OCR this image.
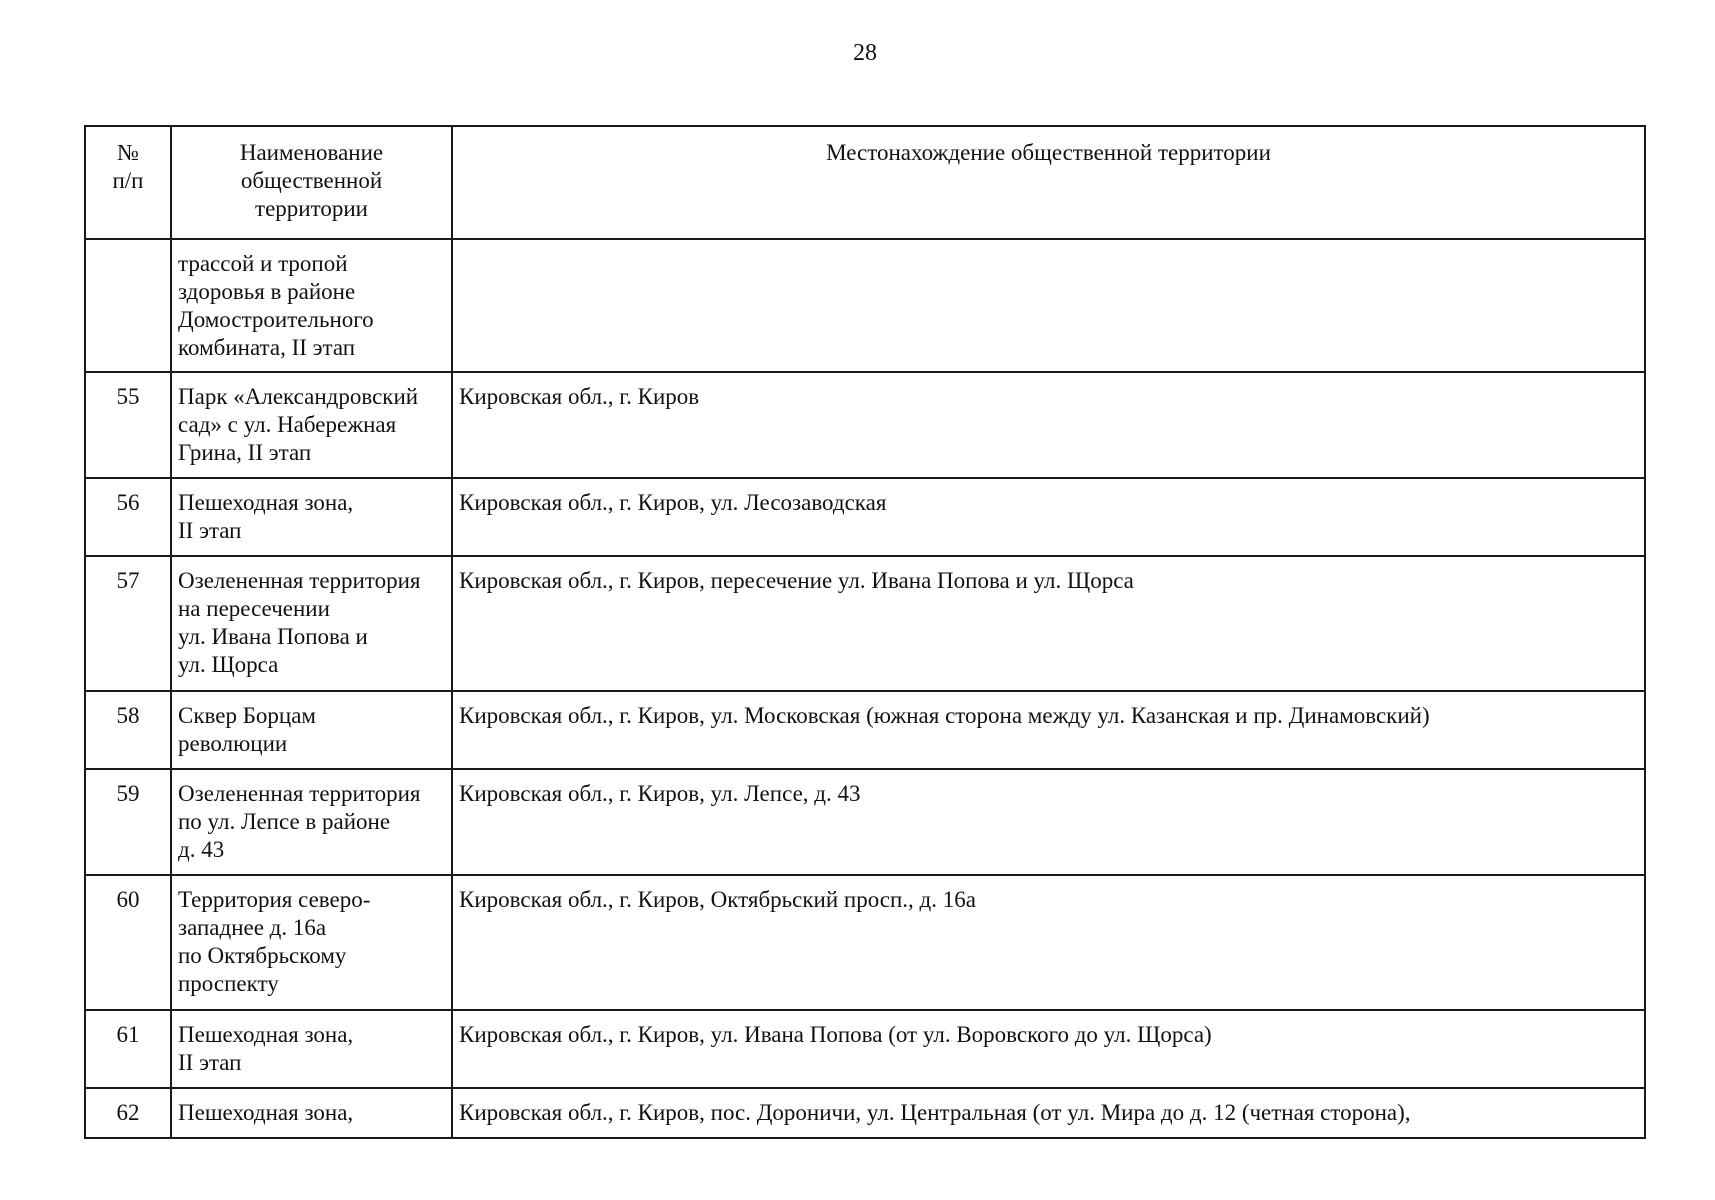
28
№
п/п	Наименование
общественной
территории	Местонахождение общественной территории

	трассой и тропой
здоровья в районе
Домостроительного
комбината, II этап	

55	Парк «Александровский
сад» с ул. Набережная
Грина, II этап	Кировская обл., г. Киров
56	Пешеходная зона,
II этап	Кировская обл., г. Киров, ул. Лесозаводская
57	Озелененная территория
на пересечении
ул. Ивана Попова и
ул. Щорса	Кировская обл., г. Киров, пересечение ул. Ивана Попова и ул. Щорса
58	Сквер Борцам
революции	Кировская обл., г. Киров, ул. Московская (южная сторона между ул. Казанская и пр. Динамовский)
59	Озелененная территория
по ул. Лепсе в районе
д. 43	Кировская обл., г. Киров, ул. Лепсе, д. 43
60	Территория северо-
западнее д. 16а
по Октябрьскому
проспекту	Кировская обл., г. Киров, Октябрьский просп., д. 16а
61	Пешеходная зона,
II этап	Кировская обл., г. Киров, ул. Ивана Попова (от ул. Воровского до ул. Щорса)
62	Пешеходная зона,	Кировская обл., г. Киров, пос. Дороничи, ул. Центральная (от ул. Мира до д. 12 (четная сторона),
